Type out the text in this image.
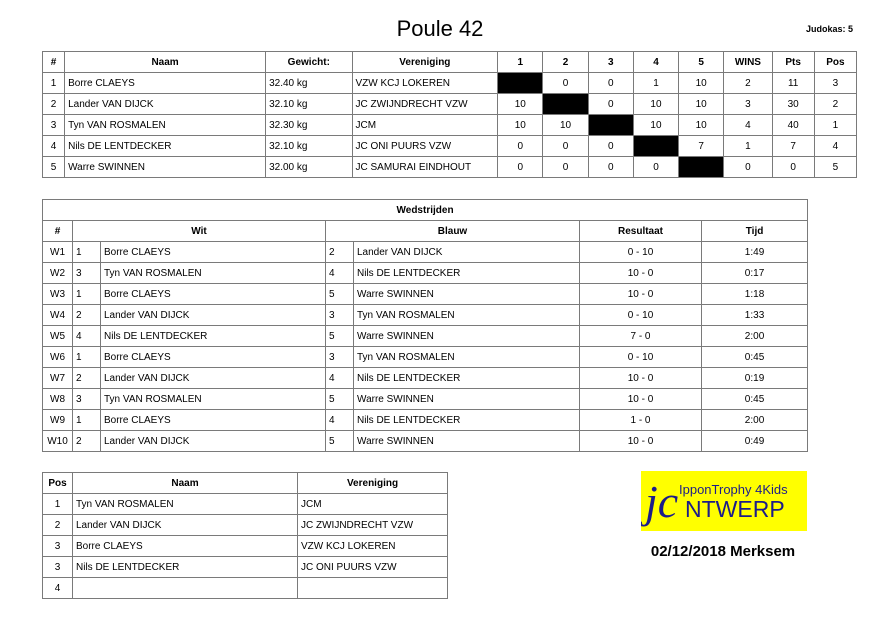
Poule 42	Judokas: 5
#	Naam	Gewicht:	Vereniging	1	2	3	4	5	WINS	Pts	Pos
1	Borre CLAEYS	32.40 kg	VZW KCJ LOKEREN		0	0	1	10	2	11	3
2	Lander VAN DIJCK	32.10 kg	JC ZWIJNDRECHT VZW	10		0	10	10	3	30	2
3	Tyn VAN ROSMALEN	32.30 kg	JCM	10	10		10	10	4	40	1
4	Nils DE LENTDECKER	32.10 kg	JC ONI PUURS VZW	0	0	0		7	1	7	4
5	Warre SWINNEN	32.00 kg	JC SAMURAI EINDHOUT	0	0	0	0		0	0	5
Wedstrijden						
#	Wit		Blauw		Resultaat	Tijd
W1	1	Borre CLAEYS	2	Lander VAN DIJCK	0 - 10	1:49
W2	3	Tyn VAN ROSMALEN	4	Nils DE LENTDECKER	10 - 0	0:17
W3	1	Borre CLAEYS	5	Warre SWINNEN	10 - 0	1:18
W4	2	Lander VAN DIJCK	3	Tyn VAN ROSMALEN	0 - 10	1:33
W5	4	Nils DE LENTDECKER	5	Warre SWINNEN	7 - 0	2:00
W6	1	Borre CLAEYS	3	Tyn VAN ROSMALEN	0 - 10	0:45
W7	2	Lander VAN DIJCK	4	Nils DE LENTDECKER	10 - 0	0:19
W8	3	Tyn VAN ROSMALEN	5	Warre SWINNEN	10 - 0	0:45
W9	1	Borre CLAEYS	4	Nils DE LENTDECKER	1 - 0	2:00
W10	2	Lander VAN DIJCK	5	Warre SWINNEN	10 - 0	0:49
Pos	Naam	Vereniging
1	Tyn VAN ROSMALEN	JCM
2	Lander VAN DIJCK	JC ZWIJNDRECHT VZW
3	Borre CLAEYS	VZW KCJ LOKEREN
3	Nils DE LENTDECKER	JC ONI PUURS VZW
4		
jc IpponTrophy 4Kids
NTWERP
02/12/2018 Merksem
